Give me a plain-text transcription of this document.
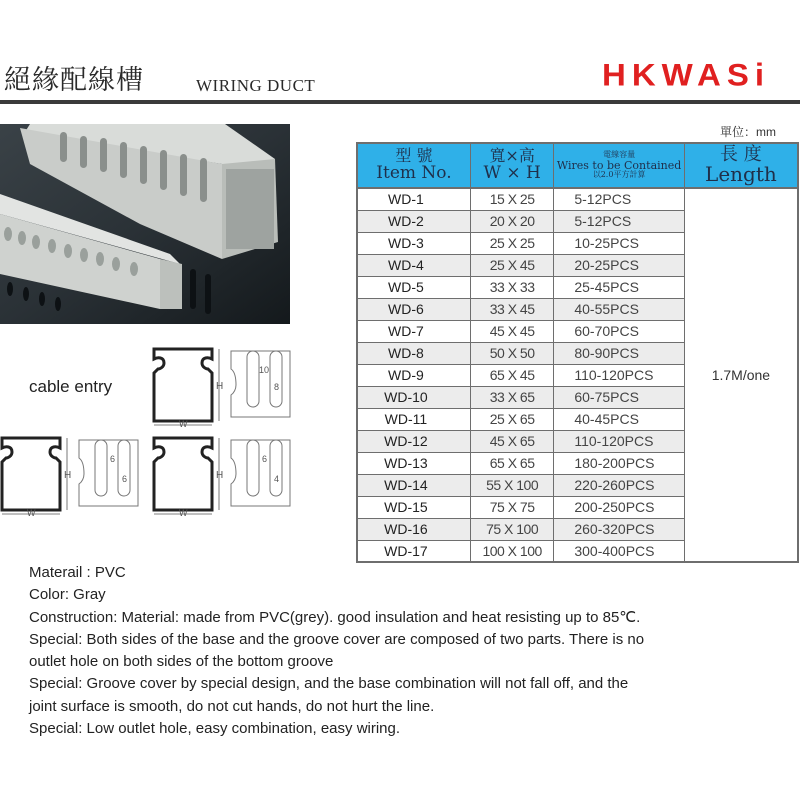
絕緣配線槽	WIRING DUCT	HKWASi
cable entry	H
W
10
8
H
W
6
6	H
W
6
4
單位：mm
型 號
Item No.	寬×高
W × H	電線容量
Wires to be Contained
以2.0平方計算	長 度
Length

WD-1	15 X 25	5-12PCS	1.7M/one
WD-2	20 X 20	5-12PCS	
WD-3	25 X 25	10-25PCS	
WD-4	25 X 45	20-25PCS	
WD-5	33 X 33	25-45PCS	
WD-6	33 X 45	40-55PCS	
WD-7	45 X 45	60-70PCS	
WD-8	50 X 50	80-90PCS	
WD-9	65 X 45	110-120PCS	
WD-10	33 X 65	60-75PCS	
WD-11	25 X 65	40-45PCS	
WD-12	45 X 65	110-120PCS	
WD-13	65 X 65	180-200PCS	
WD-14	55 X 100	220-260PCS	
WD-15	75 X 75	200-250PCS	
WD-16	75 X 100	260-320PCS	
WD-17	100 X 100	300-400PCS	

Materail : PVC

Color: Gray

Construction: Material: made from PVC(grey). good insulation and heat resisting up to 85℃.

Special: Both sides of the base and the groove cover are composed of two parts. There is no

outlet hole on both sides of the bottom groove

Special: Groove cover by special design, and the base combination will not fall off, and the

joint surface is smooth, do not cut hands, do not hurt the line.

Special: Low outlet hole, easy combination, easy wiring.
